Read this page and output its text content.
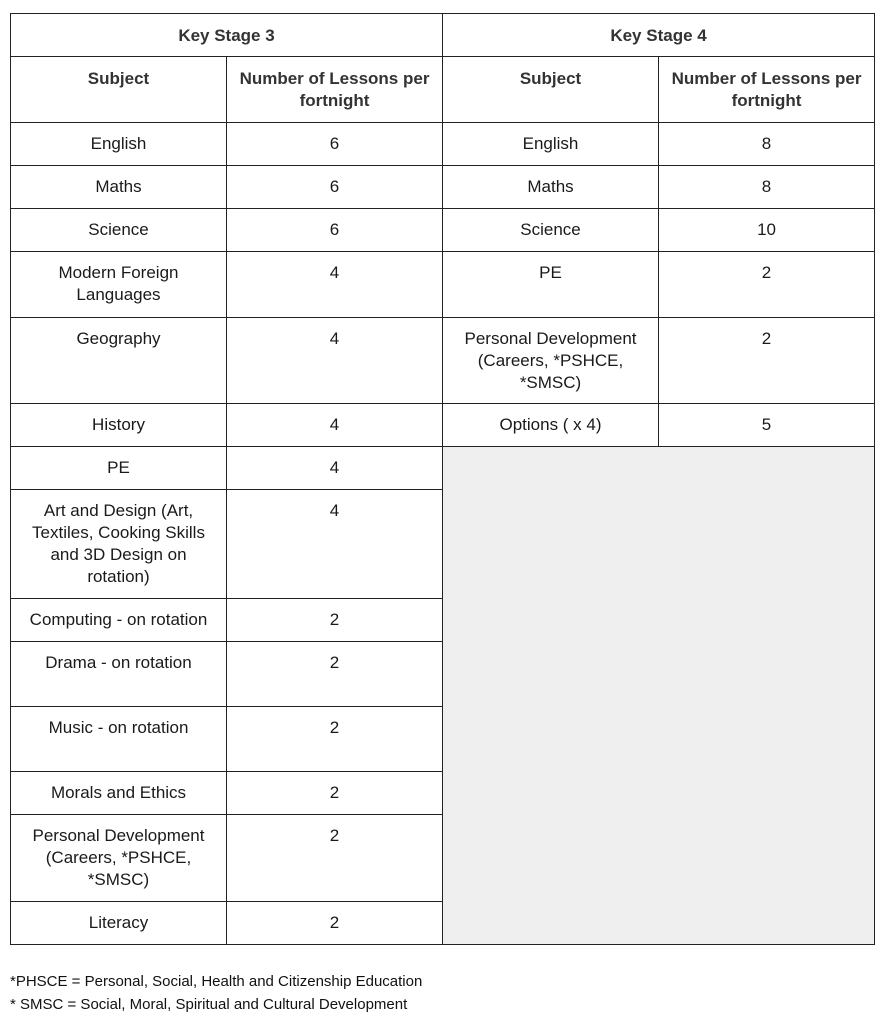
Key Stage 3		Key Stage 4	
Subject	Number of Lessons per fortnight	Subject	Number of Lessons per fortnight
English	6	English	8
Maths	6	Maths	8
Science	6	Science	10
Modern Foreign Languages	4	PE	2
Geography	4	Personal Development (Careers, *PSHCE, *SMSC)	2
History	4	Options ( x 4)	5
PE	4		
Art and Design (Art, Textiles, Cooking Skills and 3D Design on rotation)	4		
Computing - on rotation	2		
Drama - on rotation	2		
Music - on rotation	2		
Morals and Ethics	2		
Personal Development (Careers, *PSHCE, *SMSC)	2		
Literacy	2		
*PHSCE = Personal, Social, Health and Citizenship Education
* SMSC = Social, Moral, Spiritual and Cultural Development
